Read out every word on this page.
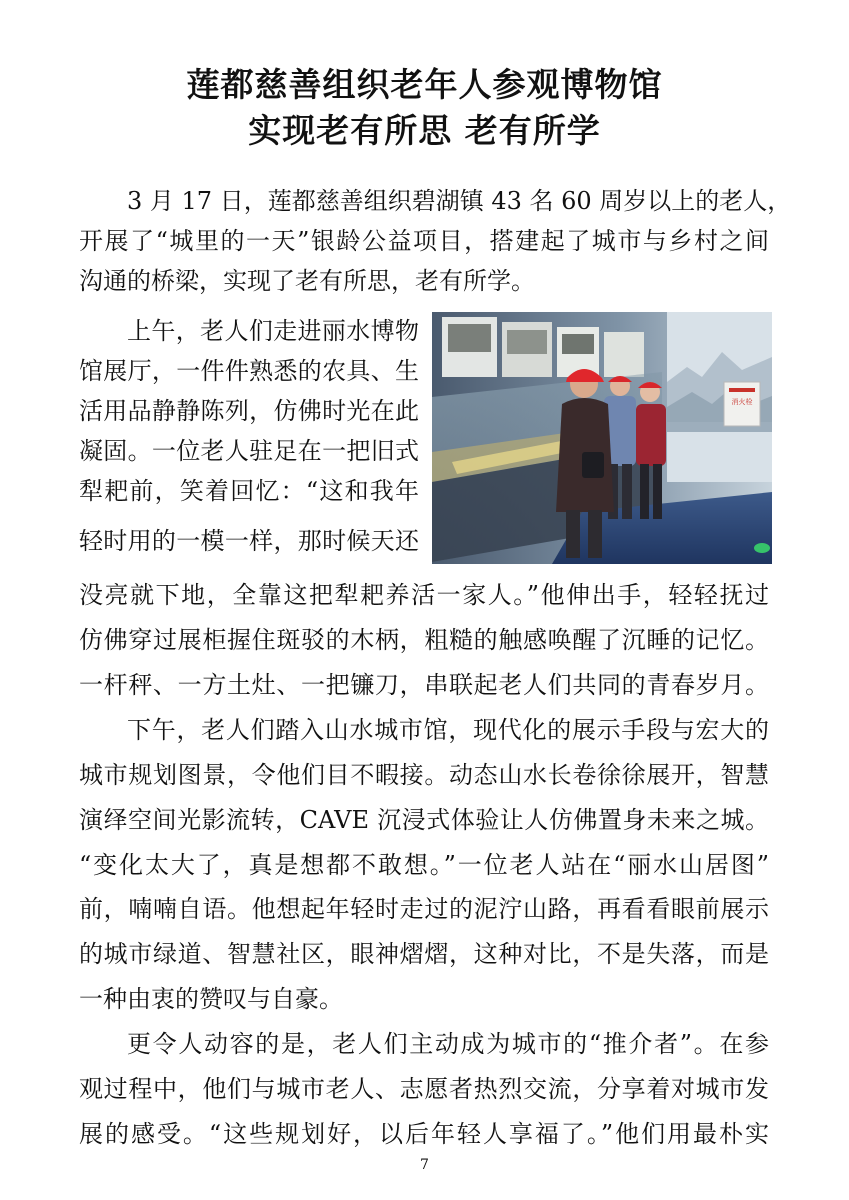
莲都慈善组织老年人参观博物馆
实现老有所思 老有所学

3 月 17 日，莲都慈善组织碧湖镇 43 名 60 周岁以上的老人，

开展了“城里的一天”银龄公益项目，搭建起了城市与乡村之间

沟通的桥梁，实现了老有所思，老有所学。

上午，老人们走进丽水博物

馆展厅，一件件熟悉的农具、生

活用品静静陈列，仿佛时光在此

凝固。一位老人驻足在一把旧式

犁耙前，笑着回忆：“这和我年

轻时用的一模一样，那时候天还

没亮就下地，全靠这把犁耙养活一家人。”他伸出手，轻轻抚过

仿佛穿过展柜握住斑驳的木柄，粗糙的触感唤醒了沉睡的记忆。

一杆秤、一方土灶、一把镰刀，串联起老人们共同的青春岁月。

下午，老人们踏入山水城市馆，现代化的展示手段与宏大的

城市规划图景，令他们目不暇接。动态山水长卷徐徐展开，智慧

演绎空间光影流转，CAVE 沉浸式体验让人仿佛置身未来之城。

“变化太大了，真是想都不敢想。”一位老人站在“丽水山居图”

前，喃喃自语。他想起年轻时走过的泥泞山路，再看看眼前展示

的城市绿道、智慧社区，眼神熠熠，这种对比，不是失落，而是

一种由衷的赞叹与自豪。

更令人动容的是，老人们主动成为城市的“推介者”。在参

观过程中，他们与城市老人、志愿者热烈交流，分享着对城市发

展的感受。“这些规划好，以后年轻人享福了。”他们用最朴实

消火栓
7
